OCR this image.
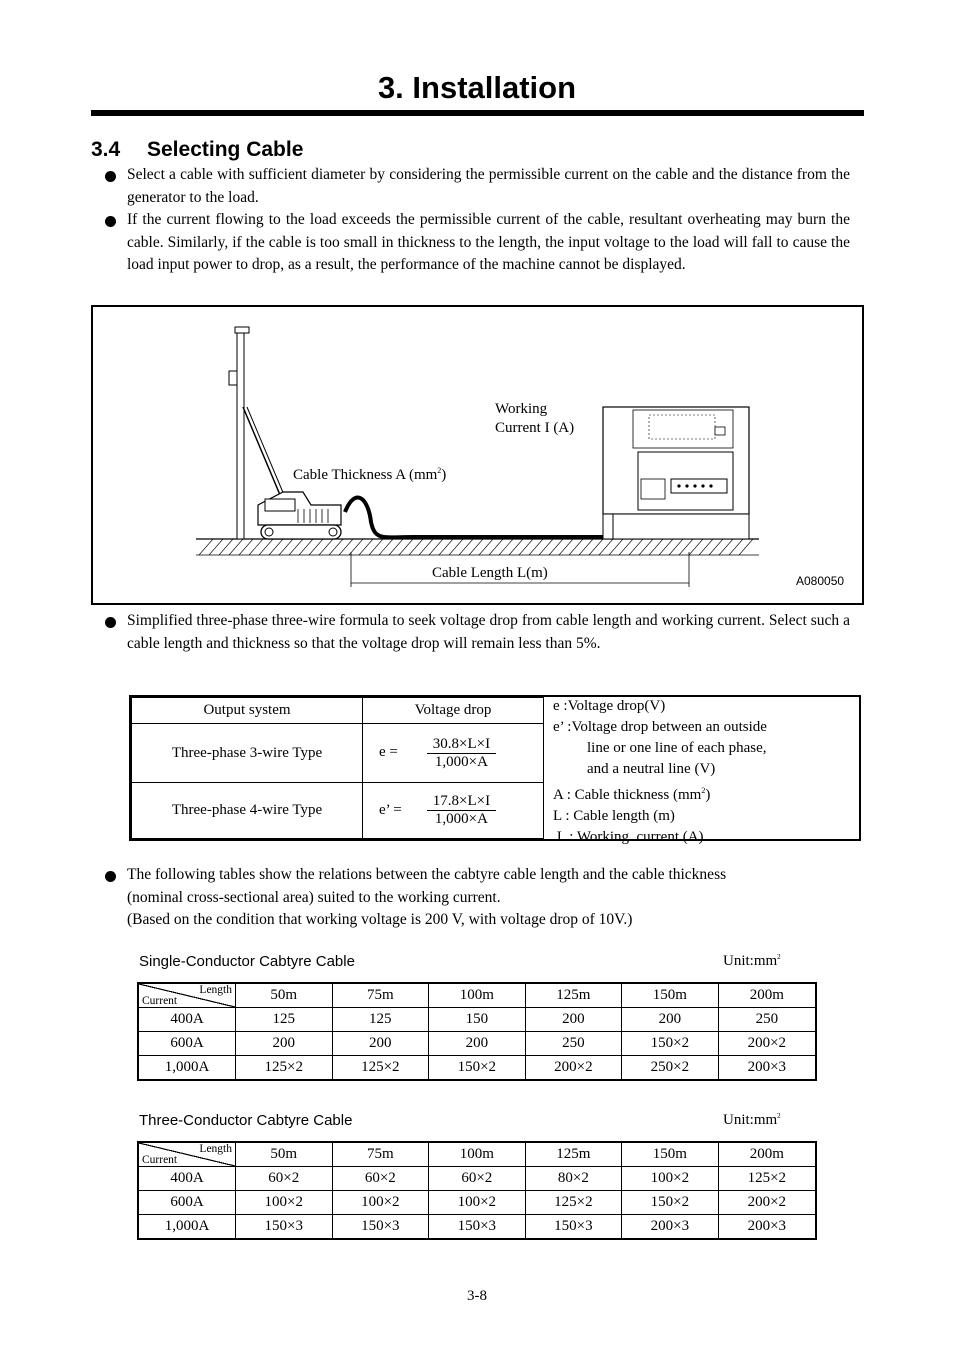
3. Installation
3.4 Selecting Cable
Select a cable with sufficient diameter by considering the permissible current on the cable and the distance from the generator to the load.
If the current flowing to the load exceeds the permissible current of the cable, resultant overheating may burn the cable. Similarly, if the cable is too small in thickness to the length, the input voltage to the load will fall to cause the load input power to drop, as a result, the performance of the machine cannot be displayed.
Working
Current I (A)
Cable Thickness A $(mm^2)$
Cable Length L(m)	A080050
Simplified three-phase three-wire formula to seek voltage drop from cable length and working current. Select such a cable length and thickness so that the voltage drop will remain less than 5%.
Output system	Voltage drop
Three-phase 3-wire Type	$e = \frac{30.8\times L\times I}{1,000\times A}$

Three-phase 4-wire Type	e’ = $\frac{17.8\times L\times I}{1,000\times A}$
e :Voltage drop(V)
e’ :Voltage drop between an outside
line or one line of each phase,
and a neutral line (V)
A : Cable thickness $(mm^2)$
L : Cable length (m)
I  : Working  current (A)
The following tables show the relations between the cabtyre cable length and the cable thickness
(nominal cross-sectional area) suited to the working current.
(Based on the condition that working voltage is 200 V, with voltage drop of 10V.)
Single-Conductor Cabtyre Cable	$Unit:mm^2$
Current
Length	50m	75m	100m	125m	150m	200m
400A	125	125	150	200	200	250
600A	200	200	200	250	150×2	200×2
1,000A	125×2	125×2	150×2	200×2	250×2	200×3
Three-Conductor Cabtyre Cable	$Unit:mm^2$
Current
Length	50m	75m	100m	125m	150m	200m
400A	60×2	60×2	60×2	80×2	100×2	125×2
600A	100×2	100×2	100×2	125×2	150×2	200×2
1,000A	150×3	150×3	150×3	150×3	200×3	200×3
3-8
